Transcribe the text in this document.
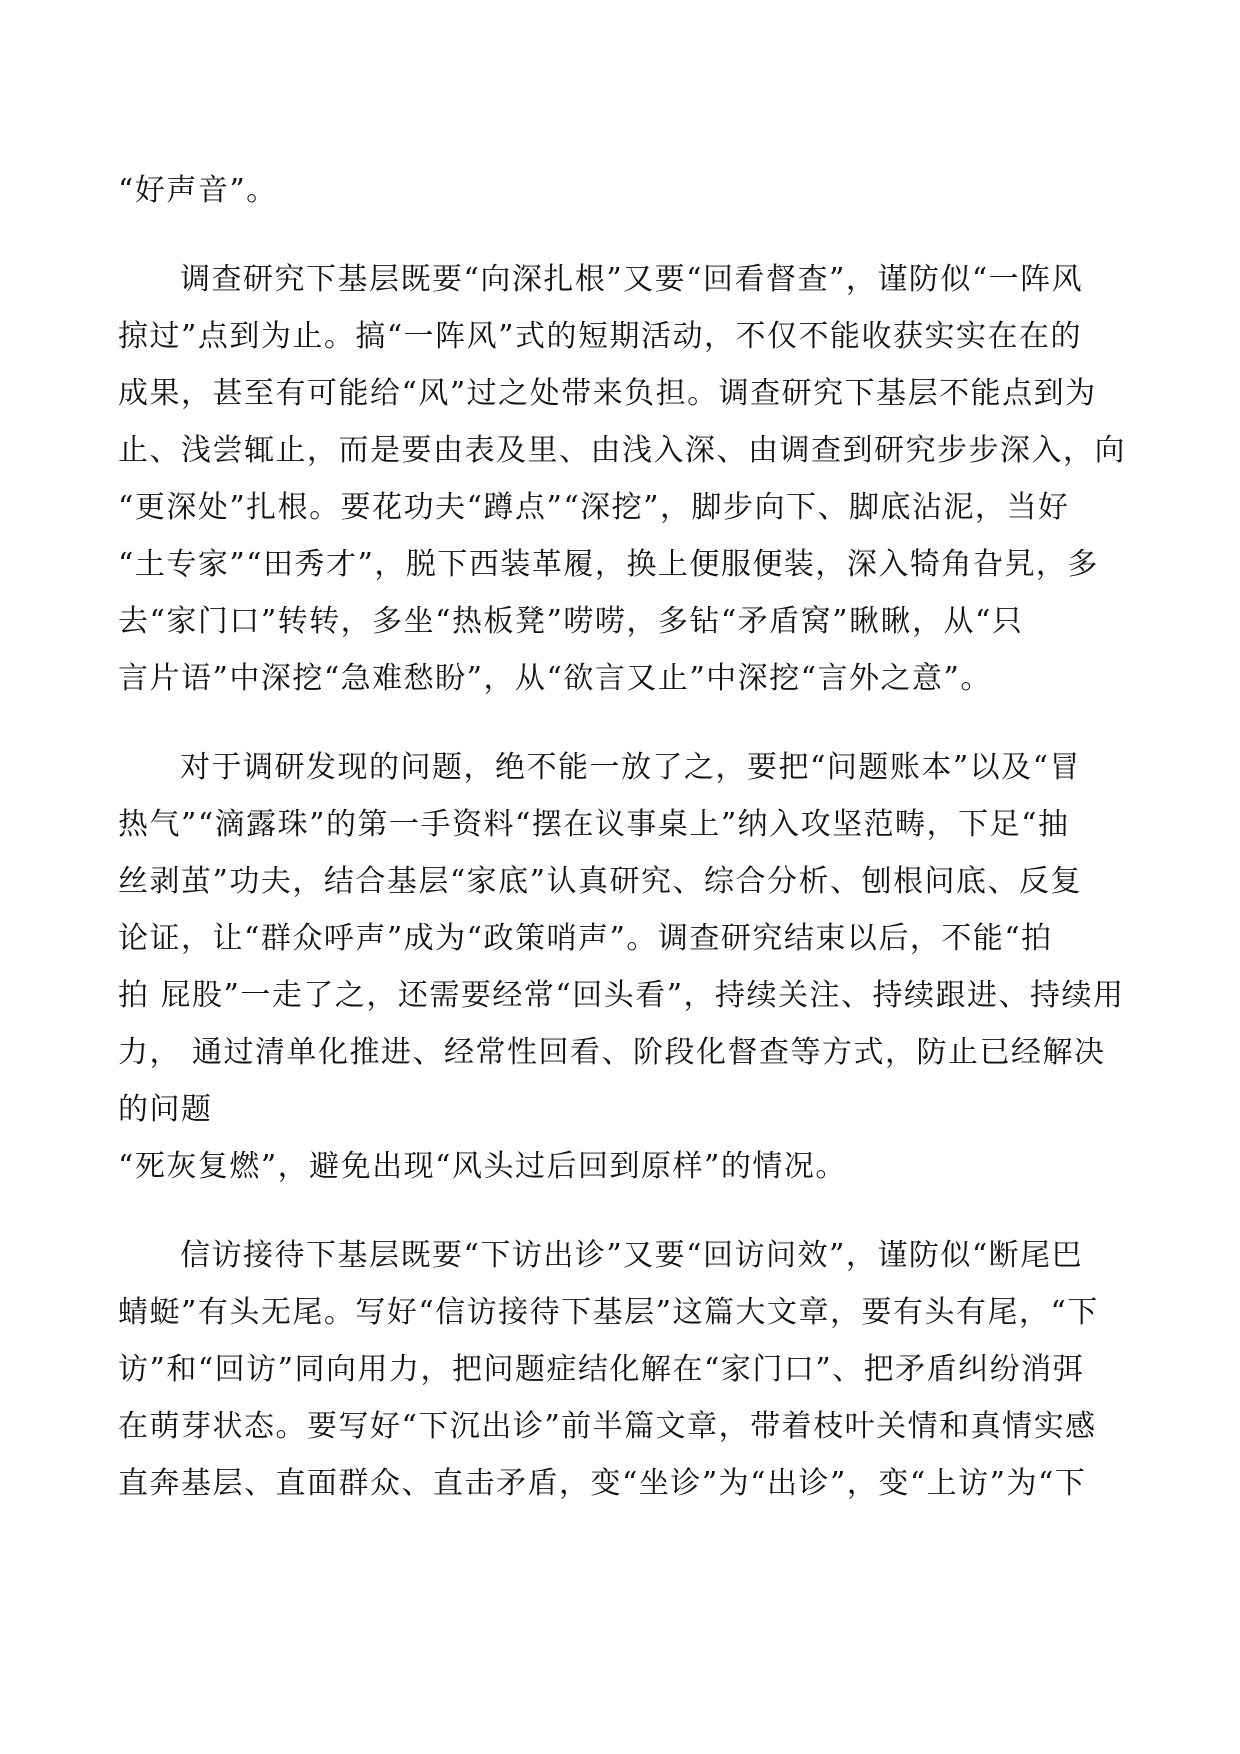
“好声音”。
调查研究下基层既要“向深扎根”又要“回看督查”，谨防似“一阵风
掠过”点到为止。搞“一阵风”式的短期活动，不仅不能收获实实在在的
成果，甚至有可能给“风”过之处带来负担。调查研究下基层不能点到为
止、浅尝辄止，而是要由表及里、由浅入深、由调查到研究步步深入，向
“更深处”扎根。要花功夫“蹲点”“深挖”，脚步向下、脚底沾泥，当好
“土专家”“田秀才”，脱下西装革履，换上便服便装，深入犄角旮旯，多
去“家门口”转转，多坐“热板凳”唠唠，多钻“矛盾窝”瞅瞅，从“只
言片语”中深挖“急难愁盼”，从“欲言又止”中深挖“言外之意”。
对于调研发现的问题，绝不能一放了之，要把“问题账本”以及“冒
热气”“滴露珠”的第一手资料“摆在议事桌上”纳入攻坚范畴，下足“抽
丝剥茧”功夫，结合基层“家底”认真研究、综合分析、刨根问底、反复
论证，让“群众呼声”成为“政策哨声”。调查研究结束以后，不能“拍
拍 屁股”一走了之，还需要经常“回头看”，持续关注、持续跟进、持续用
力， 通过清单化推进、经常性回看、阶段化督查等方式，防止已经解决
的问题
“死灰复燃”，避免出现“风头过后回到原样”的情况。
信访接待下基层既要“下访出诊”又要“回访问效”，谨防似“断尾巴
蜻蜓”有头无尾。写好“信访接待下基层”这篇大文章，要有头有尾，“下
访”和“回访”同向用力，把问题症结化解在“家门口”、把矛盾纠纷消弭
在萌芽状态。要写好“下沉出诊”前半篇文章，带着枝叶关情和真情实感
直奔基层、直面群众、直击矛盾，变“坐诊”为“出诊”，变“上访”为“下
